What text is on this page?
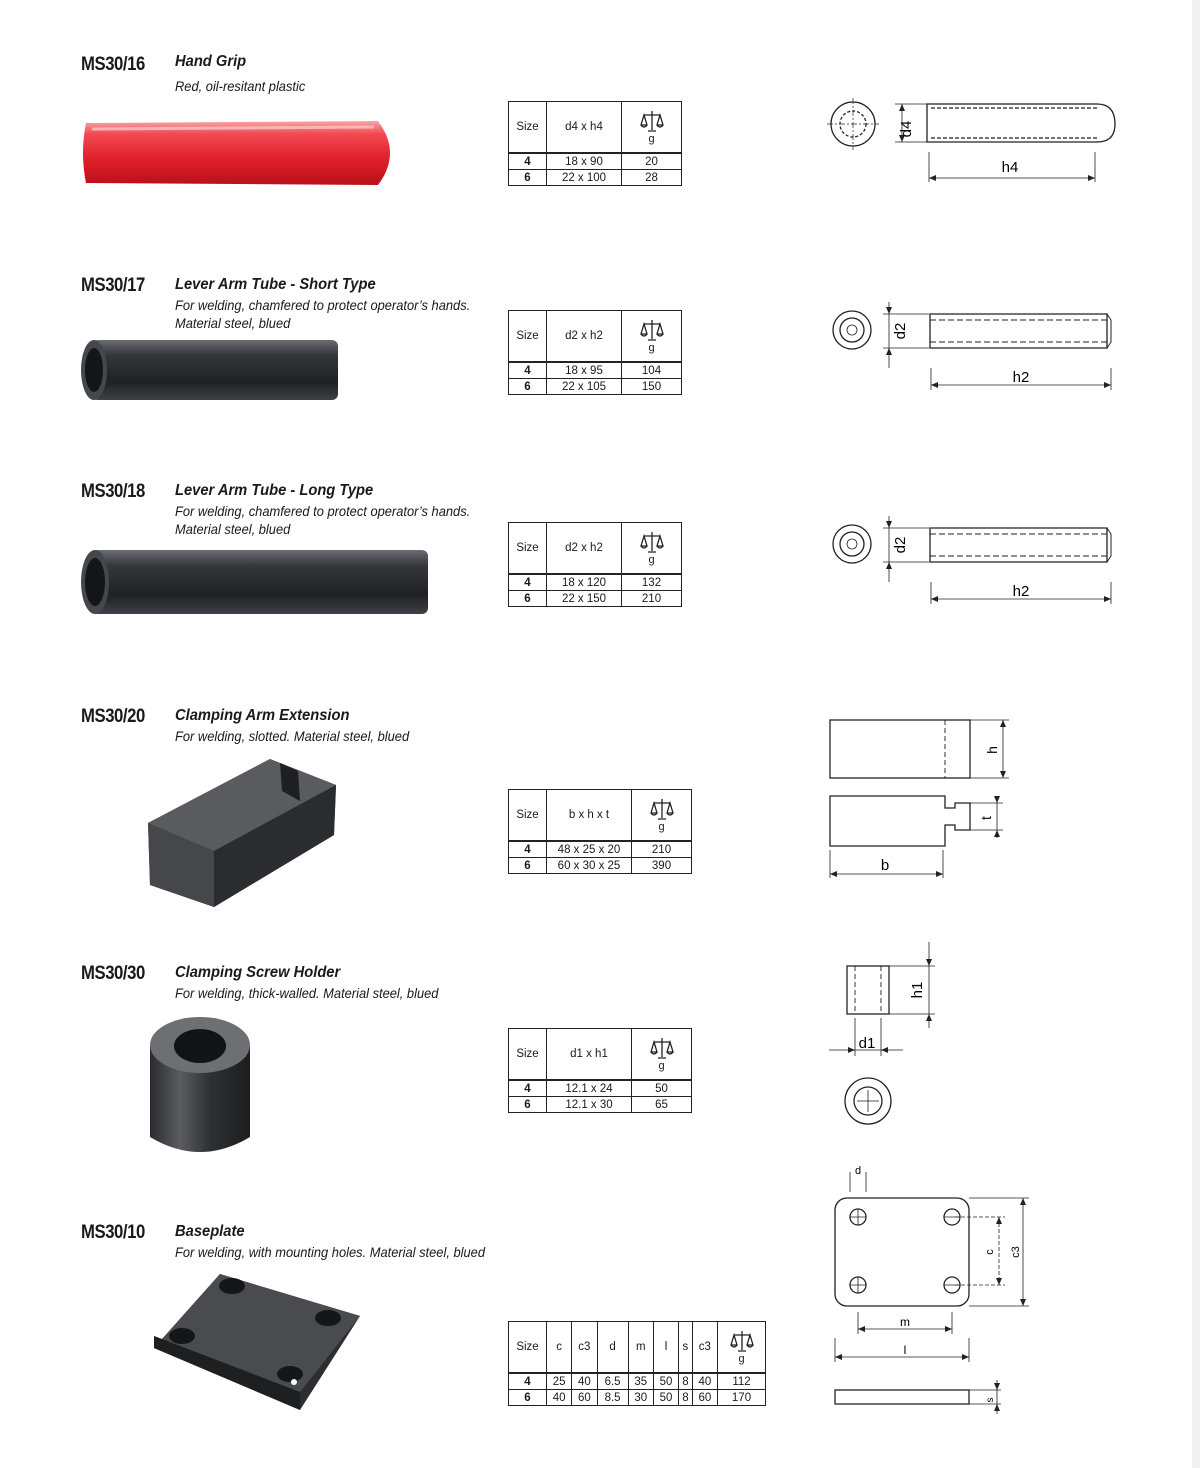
MS30/16 Hand Grip
Red, oil-resitant plastic
Size	d4 x h4	g

4	18 x 90	20
6	22 x 100	28
d4
h4
MS30/17 Lever Arm Tube - Short Type
For welding, chamfered to protect operator’s hands.
Material steel, blued
Size	d2 x h2	g

4	18 x 95	104
6	22 x 105	150
d2
h2
MS30/18 Lever Arm Tube - Long Type
For welding, chamfered to protect operator’s hands.
Material steel, blued
Size	d2 x h2	g

4	18 x 120	132
6	22 x 150	210
d2
h2
MS30/20 Clamping Arm Extension
For welding, slotted. Material steel, blued
Size	b x h x t	g

4	48 x 25 x 20	210
6	60 x 30 x 25	390
h
t
b
MS30/30 Clamping Screw Holder
For welding, thick-walled. Material steel, blued
Size	d1 x h1	g

4	12.1 x 24	50
6	12.1 x 30	65
h1
d1
MS30/10 Baseplate
For welding, with mounting holes. Material steel, blued
Size	c	c3	d	m	l	s	c3	g

4	25	40	6.5	35	50	8	40	112
6	40	60	8.5	30	50	8	60	170
d
c c3
m
l
s
